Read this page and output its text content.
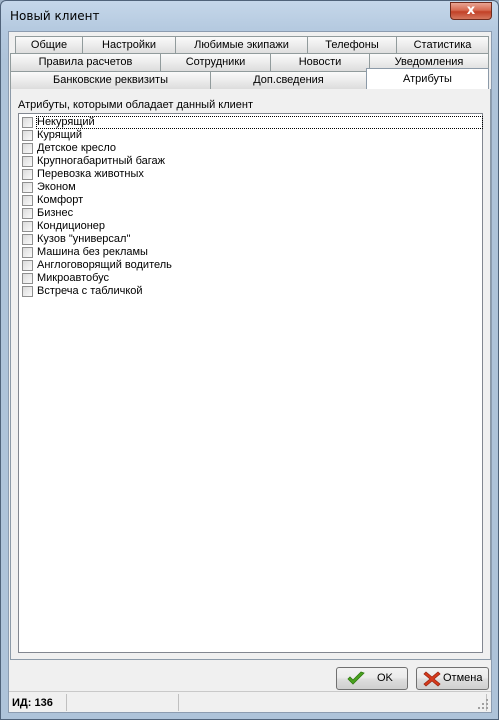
Новый клиент	x
Общие	Настройки	Любимые экипажи	Телефоны	Статистика
Правила расчетов	Сотрудники	Новости	Уведомления
Банковские реквизиты	Доп.сведения	Атрибуты
Атрибуты, которыми обладает данный клиент
Некурящий
Курящий
Детское кресло
Крупногабаритный багаж
Перевозка животных
Эконом
Комфорт
Бизнес
Кондиционер
Кузов "универсал"
Машина без рекламы
Англоговорящий водитель
Микроавтобус
Встреча с табличкой
OK	Отмена
ИД: 136
